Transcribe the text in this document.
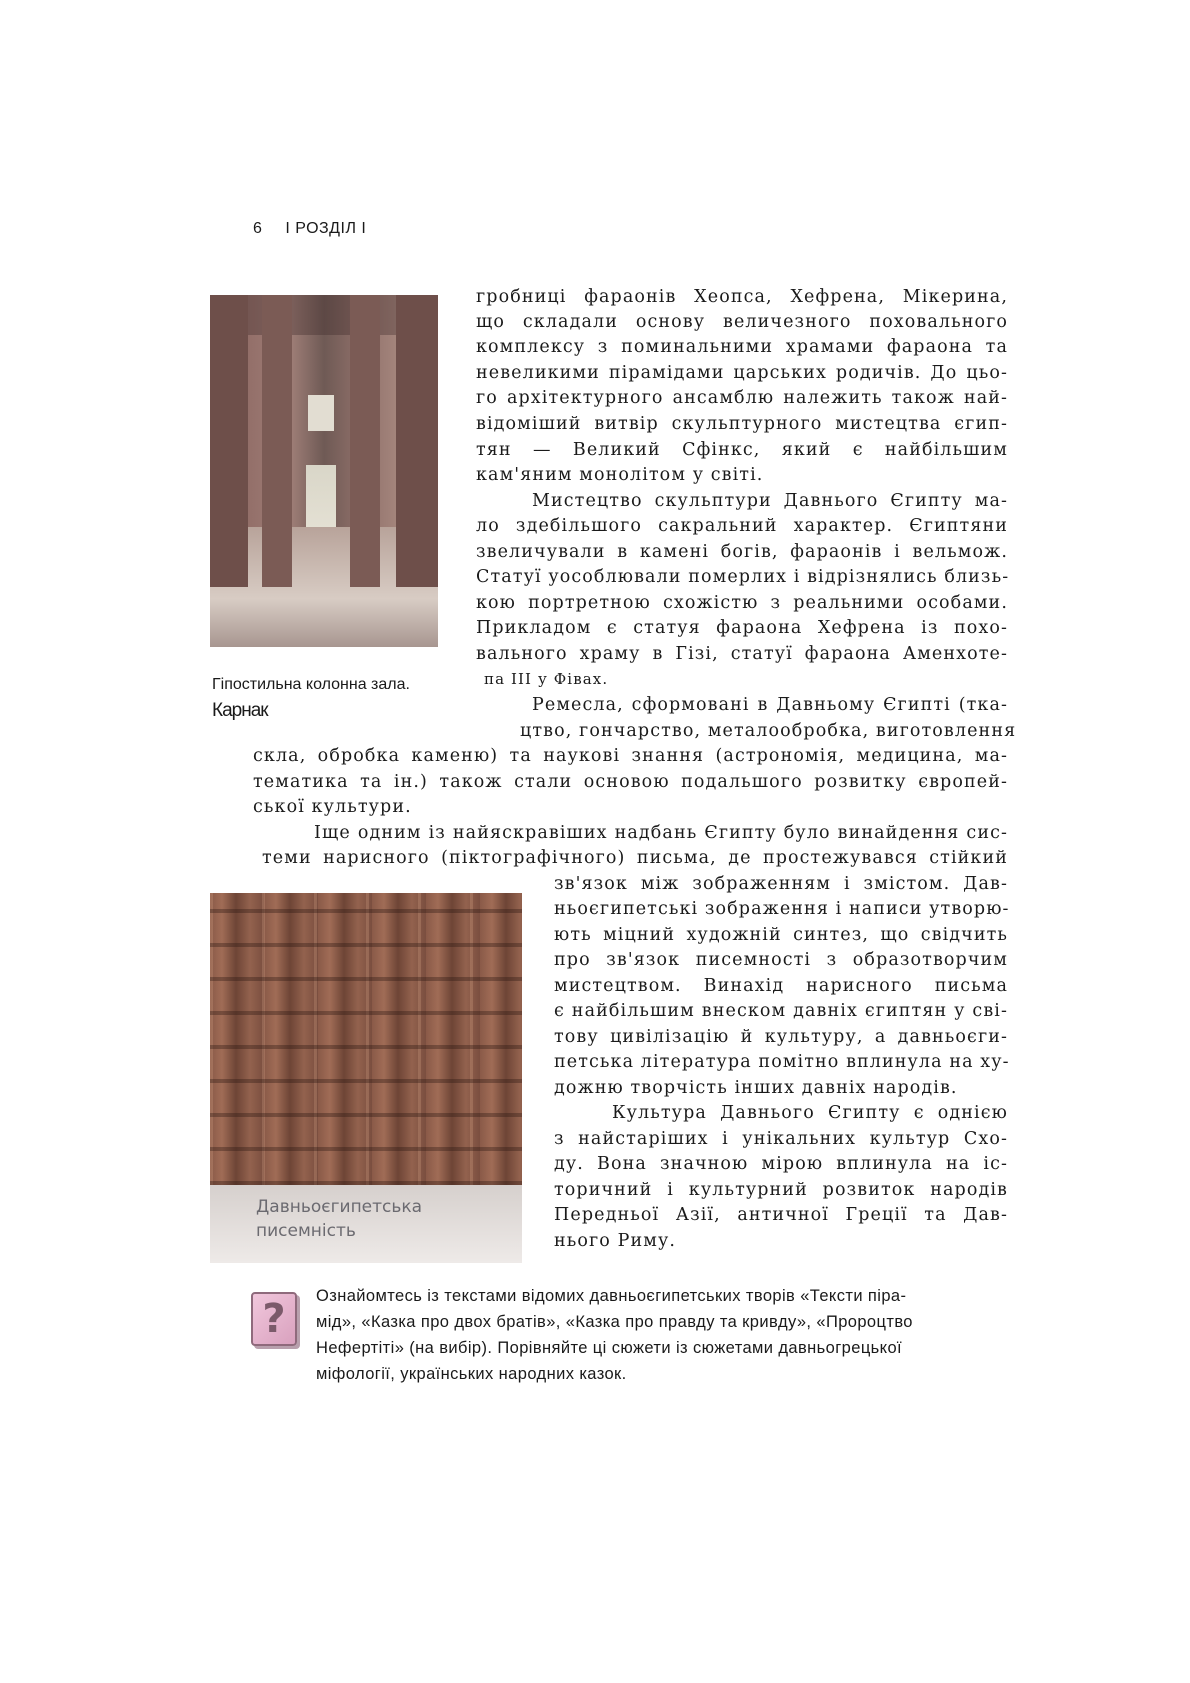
6 І РОЗДІЛ І
Гіпостильна колонна зала.
Карнак
Давньоєгипетська
писемність
гробниці фараонів Хеопса, Хефрена, Мікерина,
що складали основу величезного поховального
комплексу з поминальними храмами фараона та
невеликими пірамідами царських родичів. До цьо-
го архітектурного ансамблю належить також най-
відоміший витвір скульптурного мистецтва єгип-
тян — Великий Сфінкс, який є найбільшим
кам'яним монолітом у світі.
Мистецтво скульптури Давнього Єгипту ма-
ло здебільшого сакральний характер. Єгиптяни
звеличували в камені богів, фараонів і вельмож.
Статуї уособлювали померлих і відрізнялись близь-
кою портретною схожістю з реальними особами.
Прикладом є статуя фараона Хефрена із похо-
вального храму в Гізі, статуї фараона Аменхоте-
па III у Фівах.
Ремесла, сформовані в Давньому Єгипті (тка-
цтво, гончарство, металообробка, виготовлення
скла, обробка каменю) та наукові знання (астрономія, медицина, ма-
тематика та ін.) також стали основою подальшого розвитку європей-
ської культури.
Іще одним із найяскравіших надбань Єгипту було винайдення сис-
теми нарисного (піктографічного) письма, де простежувався стійкий
зв'язок між зображенням і змістом. Дав-
ньоєгипетські зображення і написи утворю-
ють міцний художній синтез, що свідчить
про зв'язок писемності з образотворчим
мистецтвом. Винахід нарисного письма
є найбільшим внеском давніх єгиптян у сві-
тову цивілізацію й культуру, а давньоєги-
петська література помітно вплинула на ху-
дожню творчість інших давніх народів.
Культура Давнього Єгипту є однією
з найстаріших і унікальних культур Схо-
ду. Вона значною мірою вплинула на іс-
торичний і культурний розвиток народів
Передньої Азії, античної Греції та Дав-
нього Риму.
?	Ознайомтесь із текстами відомих давньоєгипетських творів «Тексти пірa-
мід», «Казка про двох братів», «Казка про правду та кривду», «Пророцтво
Нефертіті» (на вибір). Порівняйте ці сюжети із сюжетами давньогрецької
міфології, українських народних казок.
